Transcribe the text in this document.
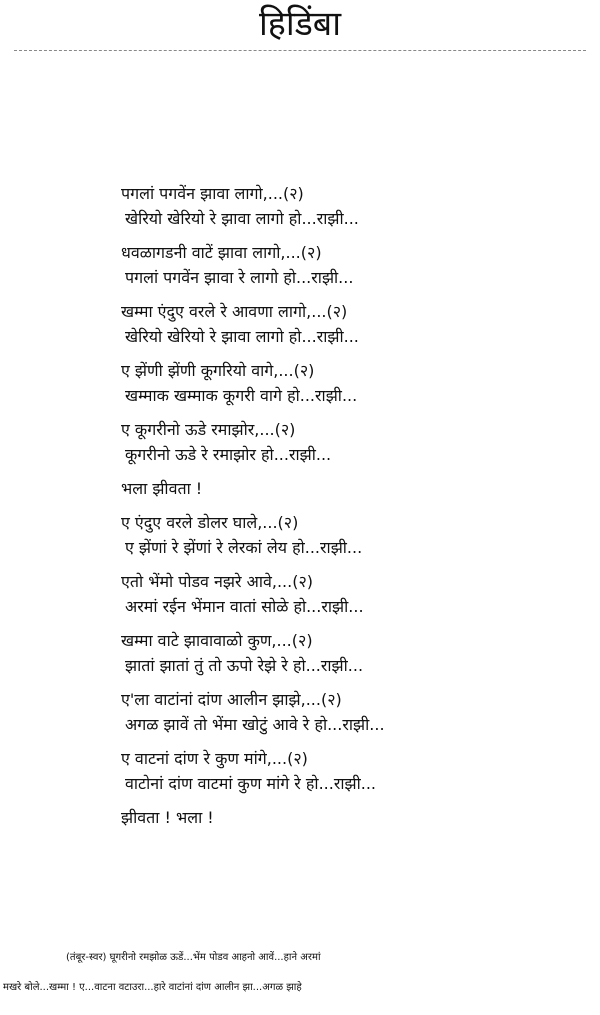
हिडिंबा

पगलां पगवेंन झावा लागो,...(२)

खेरियो खेरियो रे झावा लागो हो...राझी...

धवळागडनी वाटें झावा लागो,...(२)

पगलां पगवेंन झावा रे लागो हो...राझी...

खम्मा एंदुए वरले रे आवणा लागो,...(२)

खेरियो खेरियो रे झावा लागो हो...राझी...

ए झेंणी झेंणी कूगरियो वागे,...(२)

खम्माक खम्माक कूगरी वागे हो...राझी...

ए कूगरीनो ऊडे रमाझोर,...(२)

कूगरीनो ऊडे रे रमाझोर हो...राझी...

भला झीवता !

ए एंदुए वरले डोलर घाले,...(२)

ए झेंणां रे झेंणां रे लेरकां लेय हो...राझी...

एतो भेंमो पोडव नझरे आवे,...(२)

अरमां रईन भेंमान वातां सोळे हो...राझी...

खम्मा वाटे झावावाळो कुण,...(२)

झातां झातां तुं तो ऊपो रेझे रे हो...राझी...

ए'ला वाटांनां दांण आलीन झाझे,...(२)

अगळ झावें तो भेंमा खोटुं आवे रे हो...राझी...

ए वाटनां दांण रे कुण मांगे,...(२)

वाटोनां दांण वाटमां कुण मांगे रे हो...राझी...

झीवता ! भला !

(तंबूर-स्वर) घूगरीनो रमझोळ ऊडें...भेंम पोडव आहनो आवें...हाने अरमां

मखरे बोले...खम्मा ! ए...वाटना वटाउरा...हारे वाटांनां दांण आलीन झा...अगळ झाहे
